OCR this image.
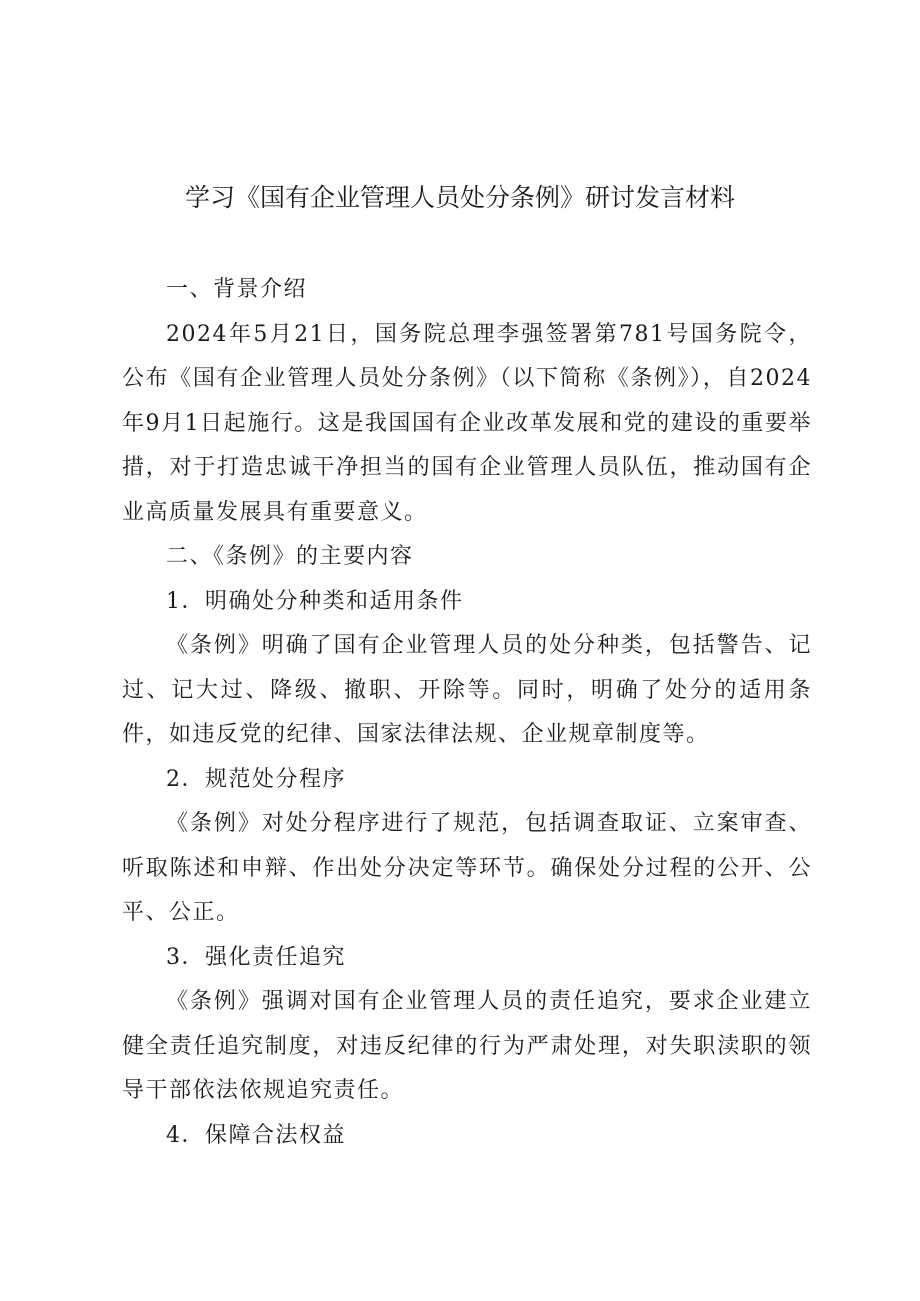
学习《国有企业管理人员处分条例》研讨发言材料

一、背景介绍

2024年5月21日，国务院总理李强签署第781号国务院令，公布《国有企业管理人员处分条例》（以下简称《条例》），自2024年9月1日起施行。这是我国国有企业改革发展和党的建设的重要举措，对于打造忠诚干净担当的国有企业管理人员队伍，推动国有企业高质量发展具有重要意义。

二、《条例》的主要内容

1．明确处分种类和适用条件

《条例》明确了国有企业管理人员的处分种类，包括警告、记过、记大过、降级、撤职、开除等。同时，明确了处分的适用条件，如违反党的纪律、国家法律法规、企业规章制度等。

2．规范处分程序

《条例》对处分程序进行了规范，包括调查取证、立案审查、听取陈述和申辩、作出处分决定等环节。确保处分过程的公开、公平、公正。

3．强化责任追究

《条例》强调对国有企业管理人员的责任追究，要求企业建立健全责任追究制度，对违反纪律的行为严肃处理，对失职渎职的领导干部依法依规追究责任。

4．保障合法权益
